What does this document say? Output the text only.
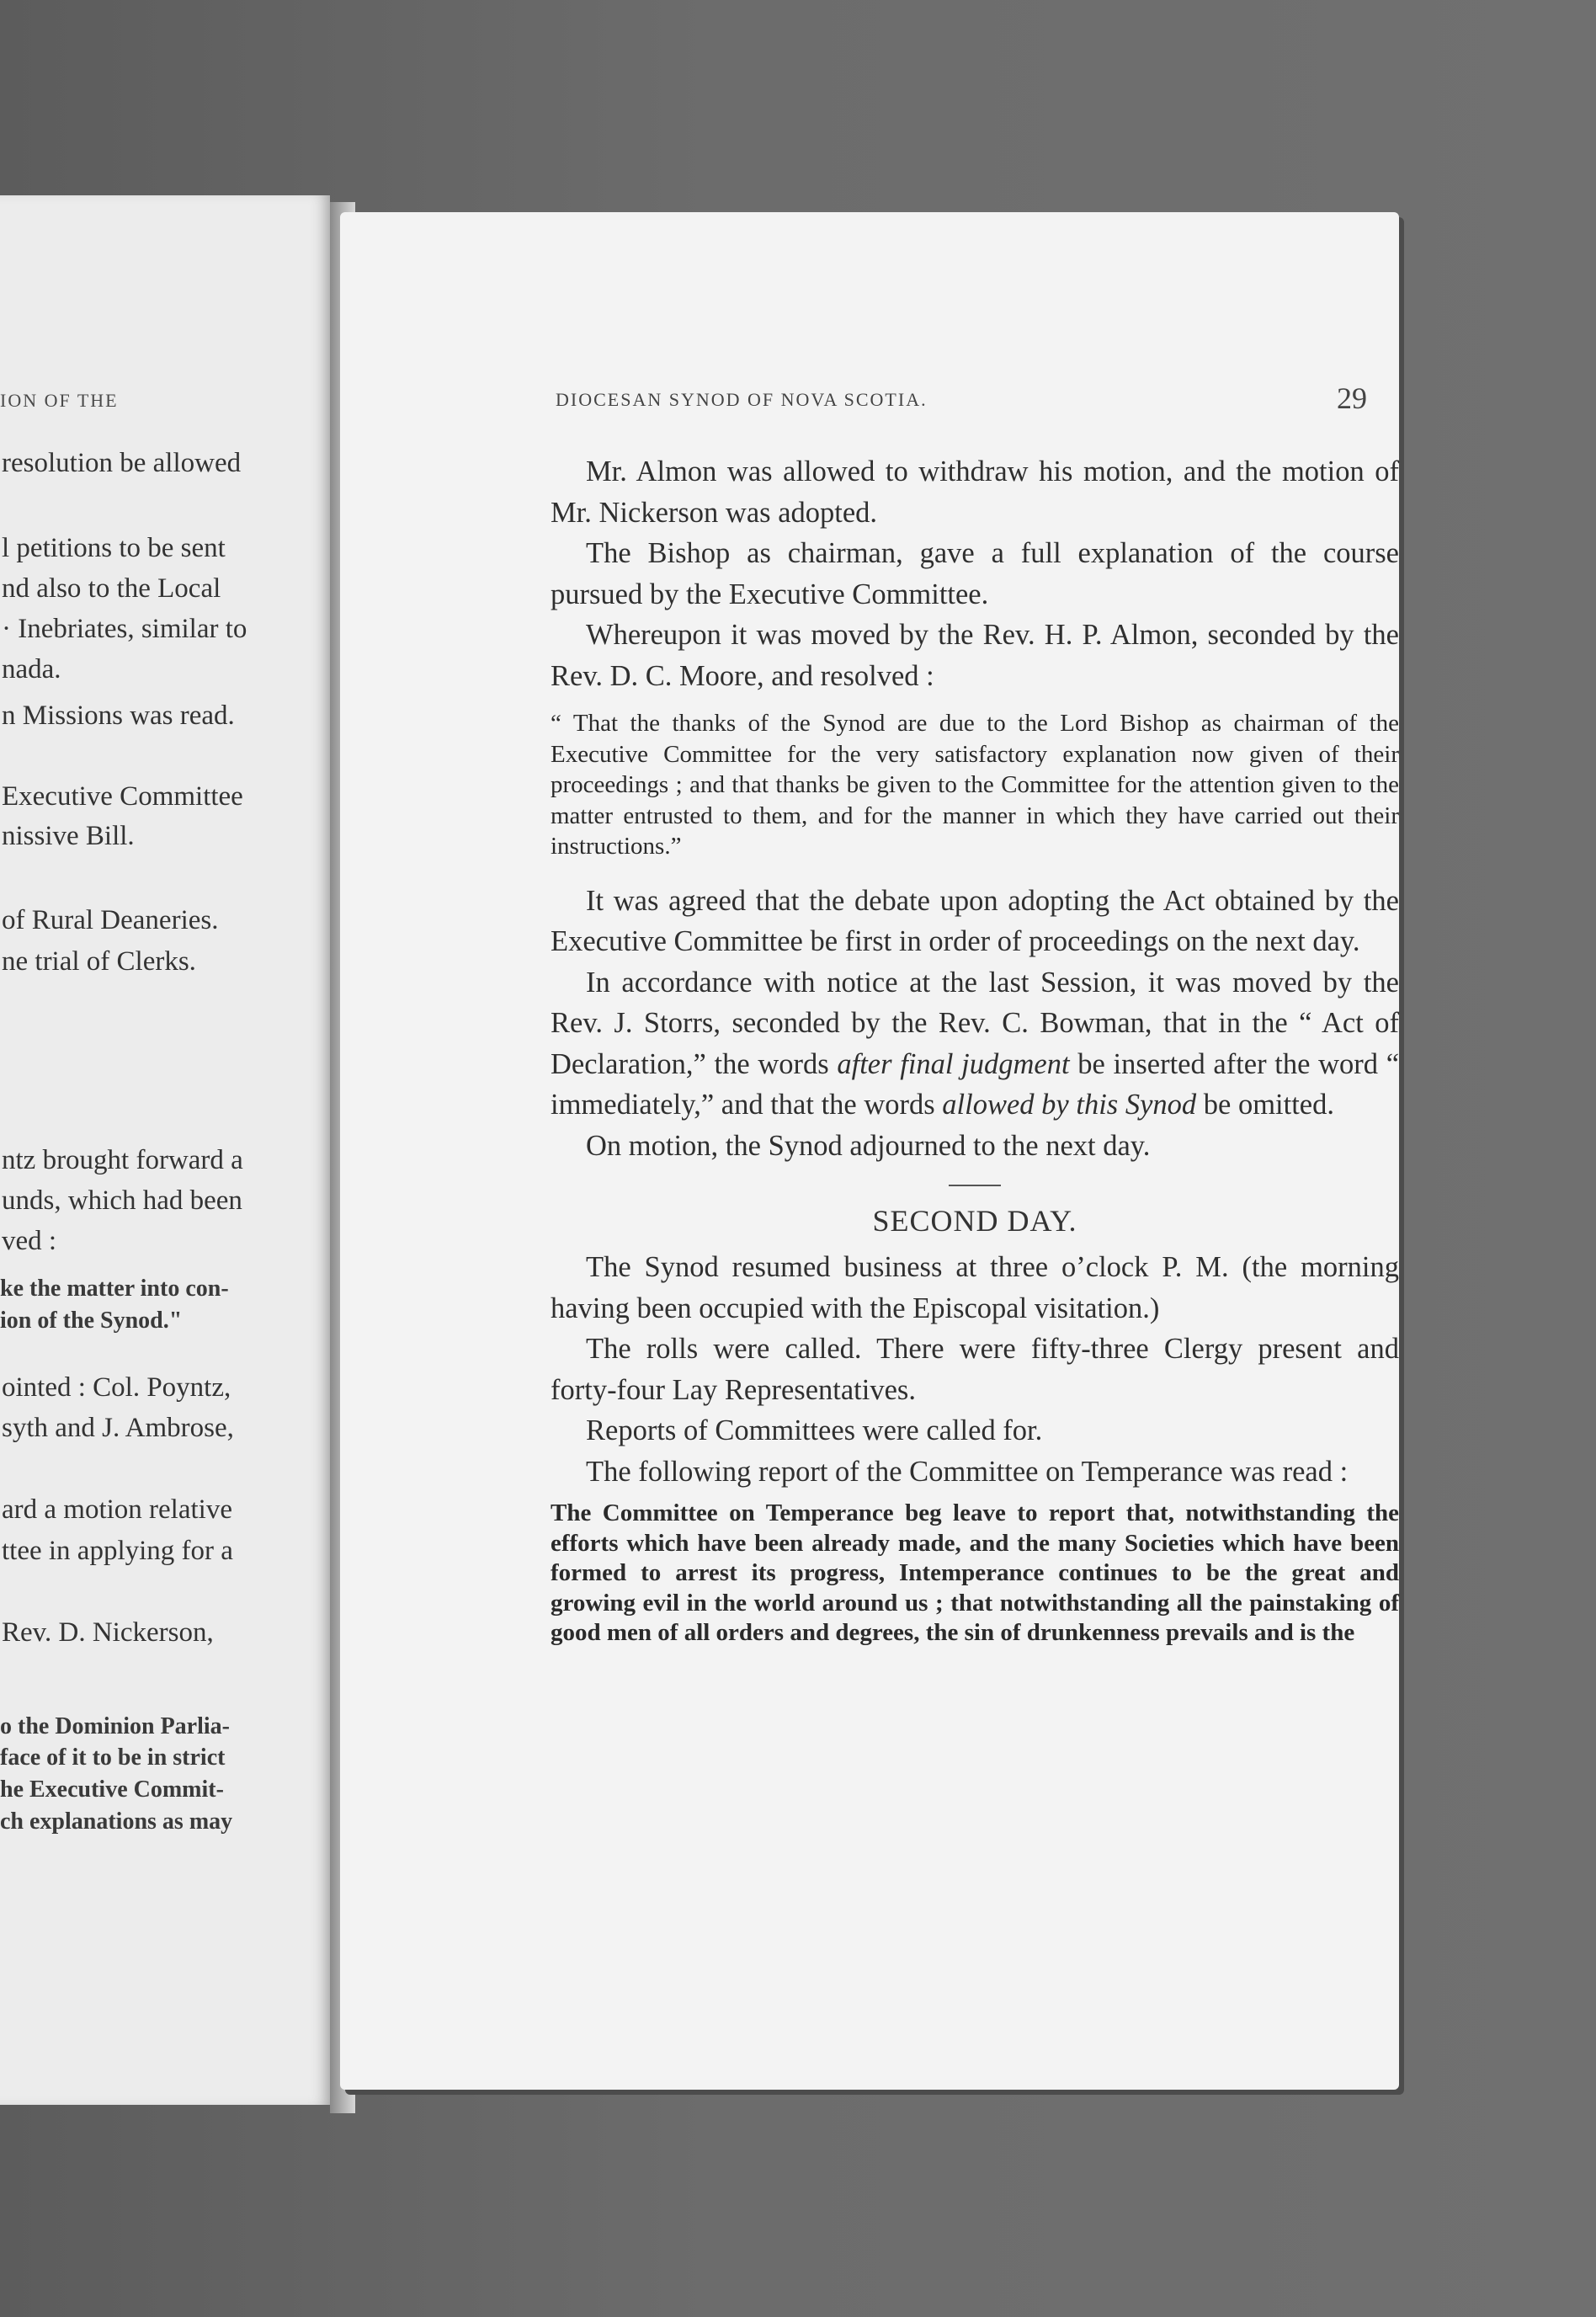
ION OF THE
resolution be allowed
l petitions to be sent
nd also to the Local
· Inebriates, similar to
nada.
n Missions was read.
Executive Committee
nissive Bill.
of Rural Deaneries.
ne trial of Clerks.
ntz brought forward a
unds, which had been
ved :
ke the matter into con-
ion of the Synod."
ointed : Col. Poyntz,
syth and J. Ambrose,
ard a motion relative
ttee in applying for a
Rev. D. Nickerson,
o the Dominion Parlia-
face of it to be in strict
he Executive Commit-
ch explanations as may
DIOCESAN SYNOD OF NOVA SCOTIA.	29

Mr. Almon was allowed to withdraw his motion, and the motion of Mr. Nickerson was adopted.

The Bishop as chairman, gave a full explanation of the course pursued by the Executive Committee.

Whereupon it was moved by the Rev. H. P. Almon, seconded by the Rev. D. C. Moore, and resolved :

“ That the thanks of the Synod are due to the Lord Bishop as chairman of the Executive Committee for the very satisfactory explanation now given of their proceedings ; and that thanks be given to the Committee for the attention given to the matter entrusted to them, and for the manner in which they have carried out their instructions.”

It was agreed that the debate upon adopting the Act obtained by the Executive Committee be first in order of proceedings on the next day.

In accordance with notice at the last Session, it was moved by the Rev. J. Storrs, seconded by the Rev. C. Bowman, that in the “ Act of Declaration,” the words after final judgment be inserted after the word “ immediately,” and that the words allowed by this Synod be omitted.

On motion, the Synod adjourned to the next day.

SECOND DAY.

The Synod resumed business at three o’clock P. M. (the morning having been occupied with the Episcopal visitation.)

The rolls were called. There were fifty-three Clergy present and forty-four Lay Representatives.

Reports of Committees were called for.

The following report of the Committee on Temperance was read :

The Committee on Temperance beg leave to report that, notwithstanding the efforts which have been already made, and the many Societies which have been formed to arrest its progress, Intemperance continues to be the great and growing evil in the world around us ; that notwithstanding all the painstaking of good men of all orders and degrees, the sin of drunkenness prevails and is the
